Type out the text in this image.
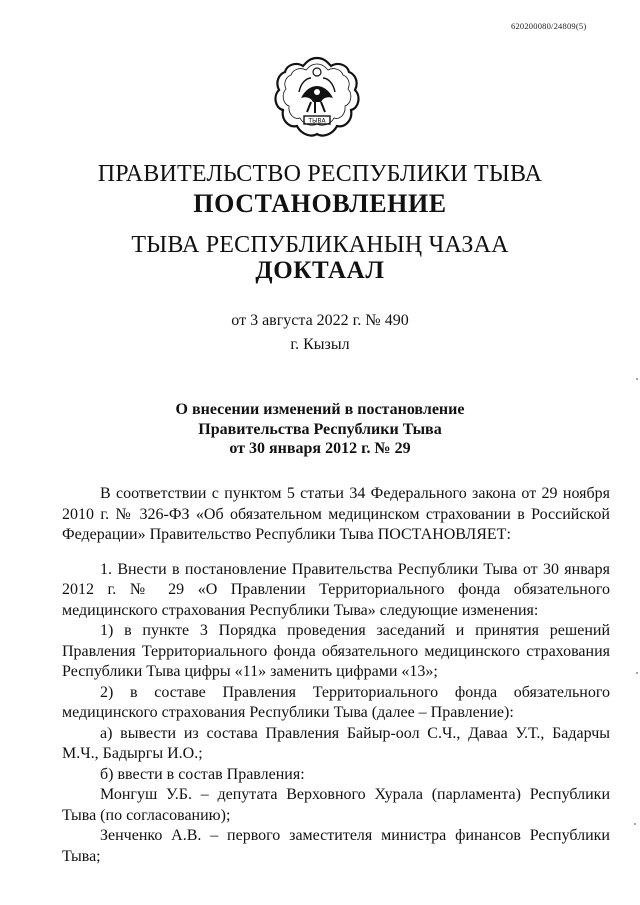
620200080/24809(5)
ТЫВА
ПРАВИТЕЛЬСТВО РЕСПУБЛИКИ ТЫВА
ПОСТАНОВЛЕНИЕ
ТЫВА РЕСПУБЛИКАНЫҢ ЧАЗАА
ДОКТААЛ
от 3 августа 2022 г. № 490
г. Кызыл
О внесении изменений в постановление
Правительства Республики Тыва
от 30 января 2012 г. № 29

В соответствии с пунктом 5 статьи 34 Федерального закона от 29 ноября 2010 г. № 326-ФЗ «Об обязательном медицинском страховании в Российской Федерации» Правительство Республики Тыва ПОСТАНОВЛЯЕТ:

1. Внести в постановление Правительства Республики Тыва от 30 января 2012 г. № 29 «О Правлении Территориального фонда обязательного медицинского страхования Республики Тыва» следующие изменения:

1) в пункте 3 Порядка проведения заседаний и принятия решений Правления Территориального фонда обязательного медицинского страхования Республики Тыва цифры «11» заменить цифрами «13»;

2) в составе Правления Территориального фонда обязательного медицинского страхования Республики Тыва (далее – Правление):

а) вывести из состава Правления Байыр-оол С.Ч., Даваа У.Т., Бадарчы М.Ч., Бадыргы И.О.;

б) ввести в состав Правления:

Монгуш У.Б. – депутата Верховного Хурала (парламента) Республики Тыва (по согласованию);

Зенченко А.В. – первого заместителя министра финансов Республики Тыва;
